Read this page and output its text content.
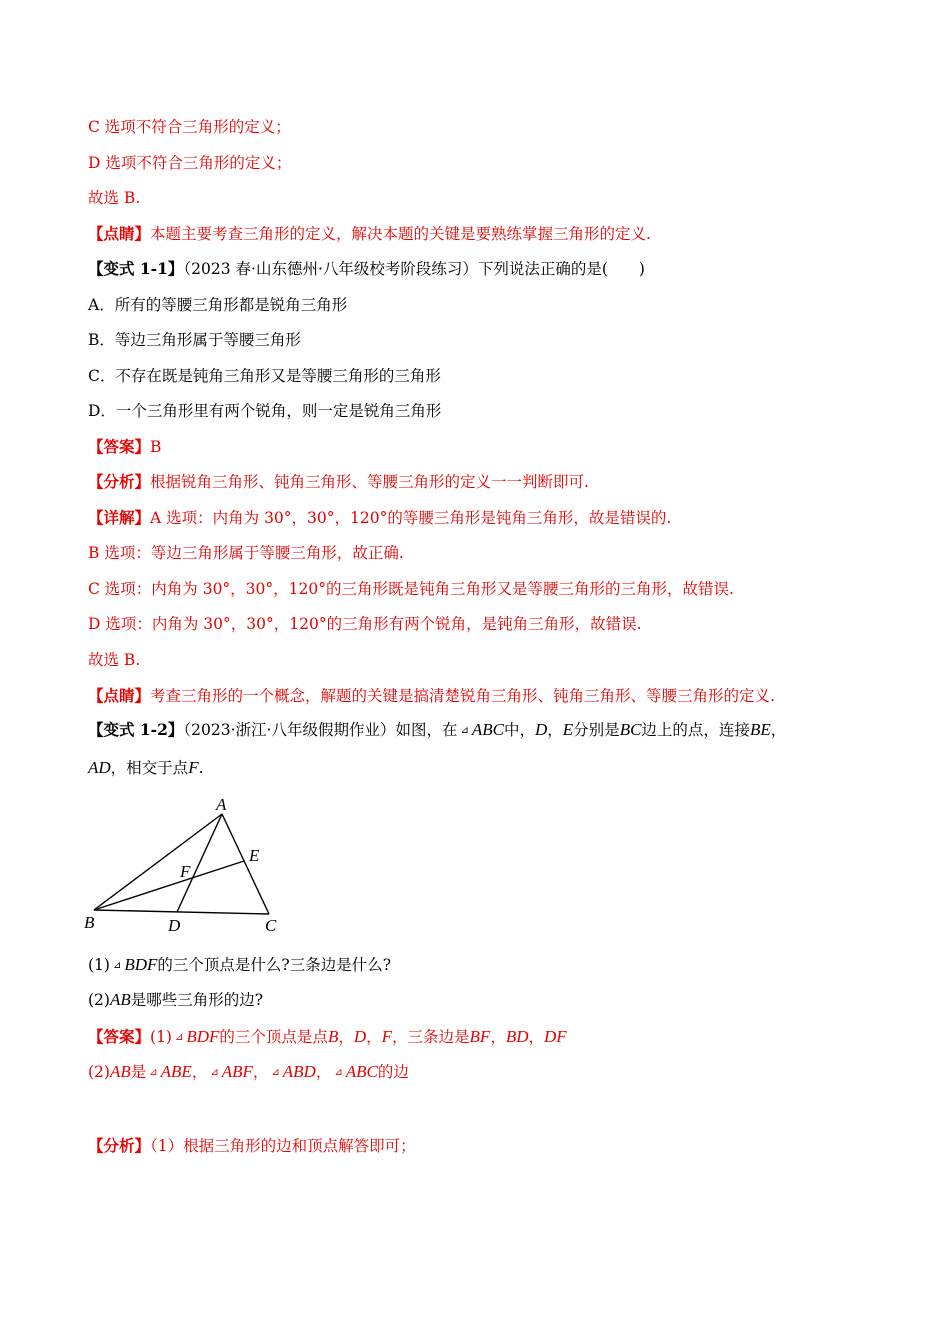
C 选项不符合三角形的定义；
D 选项不符合三角形的定义；
故选 B.
【点睛】本题主要考查三角形的定义，解决本题的关键是要熟练掌握三角形的定义.
【变式 1-1】（2023 春·山东德州·八年级校考阶段练习）下列说法正确的是(　　)
A．所有的等腰三角形都是锐角三角形
B．等边三角形属于等腰三角形
C．不存在既是钝角三角形又是等腰三角形的三角形
D．一个三角形里有两个锐角，则一定是锐角三角形
【答案】B
【分析】根据锐角三角形、钝角三角形、等腰三角形的定义一一判断即可.
【详解】A 选项：内角为 30°，30°，120°的等腰三角形是钝角三角形，故是错误的.
B 选项：等边三角形属于等腰三角形，故正确.
C 选项：内角为 30°，30°，120°的三角形既是钝角三角形又是等腰三角形的三角形，故错误.
D 选项：内角为 30°，30°，120°的三角形有两个锐角，是钝角三角形，故错误.
故选 B.
【点睛】考查三角形的一个概念，解题的关键是搞清楚锐角三角形、钝角三角形、等腰三角形的定义.
【变式 1-2】（2023·浙江·八年级假期作业）如图，在 ⊿ ABC中，D，E分别是BC边上的点，连接BE，
AD，相交于点F.
A
B	C
D
E
F
(1) ⊿ BDF的三个顶点是什么?三条边是什么?
(2)AB是哪些三角形的边?
【答案】(1) ⊿ BDF的三个顶点是点B，D，F，三条边是BF，BD，DF
(2)AB是 ⊿ ABE， ⊿ ABF， ⊿ ABD， ⊿ ABC的边
【分析】（1）根据三角形的边和顶点解答即可；
